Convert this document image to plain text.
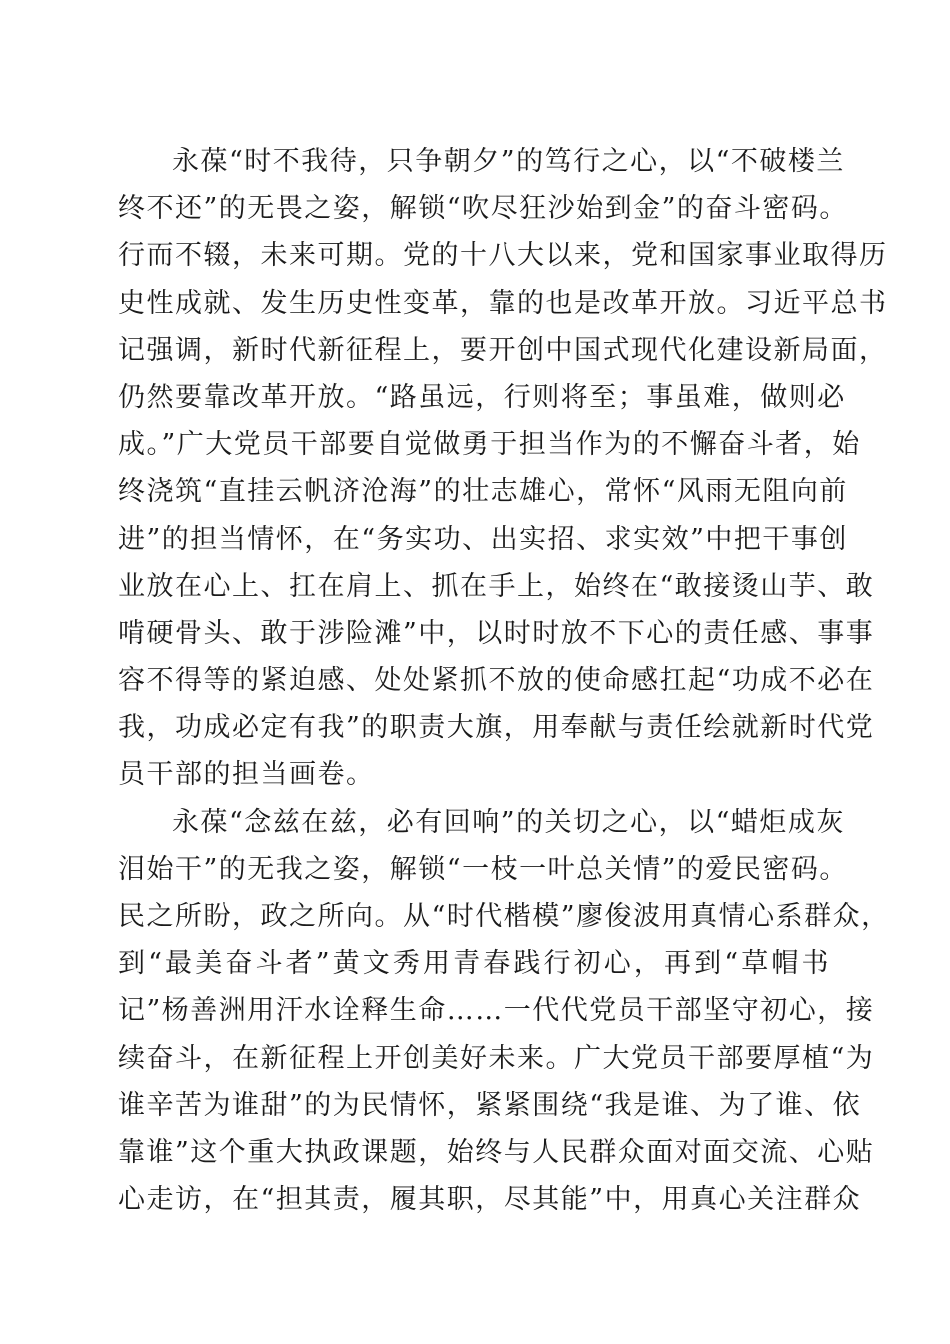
永葆“时不我待，只争朝夕”的笃行之心，以“不破楼兰
终不还”的无畏之姿，解锁“吹尽狂沙始到金”的奋斗密码。
行而不辍，未来可期。党的十八大以来，党和国家事业取得历
史性成就、发生历史性变革，靠的也是改革开放。习近平总书
记强调，新时代新征程上，要开创中国式现代化建设新局面，
仍然要靠改革开放。“路虽远，行则将至；事虽难，做则必
成。”广大党员干部要自觉做勇于担当作为的不懈奋斗者，始
终浇筑“直挂云帆济沧海”的壮志雄心，常怀“风雨无阻向前
进”的担当情怀，在“务实功、出实招、求实效”中把干事创
业放在心上、扛在肩上、抓在手上，始终在“敢接烫山芋、敢
啃硬骨头、敢于涉险滩”中，以时时放不下心的责任感、事事
容不得等的紧迫感、处处紧抓不放的使命感扛起“功成不必在
我，功成必定有我”的职责大旗，用奉献与责任绘就新时代党
员干部的担当画卷。
永葆“念兹在兹，必有回响”的关切之心，以“蜡炬成灰
泪始干”的无我之姿，解锁“一枝一叶总关情”的爱民密码。
民之所盼，政之所向。从“时代楷模”廖俊波用真情心系群众，
到“最美奋斗者”黄文秀用青春践行初心，再到“草帽书
记”杨善洲用汗水诠释生命……一代代党员干部坚守初心，接
续奋斗，在新征程上开创美好未来。广大党员干部要厚植“为
谁辛苦为谁甜”的为民情怀，紧紧围绕“我是谁、为了谁、依
靠谁”这个重大执政课题，始终与人民群众面对面交流、心贴
心走访，在“担其责，履其职，尽其能”中，用真心关注群众
